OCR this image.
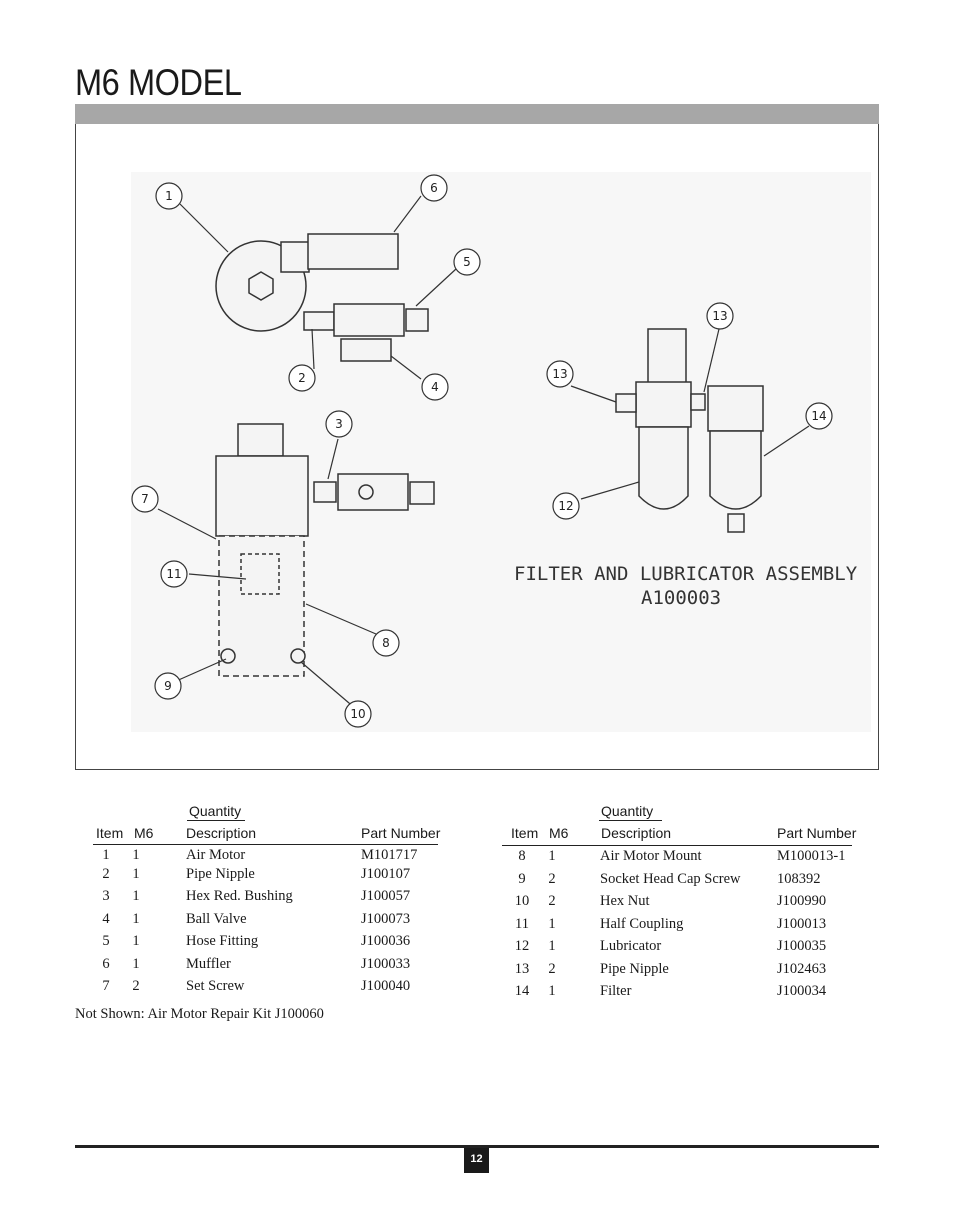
M6 MODEL
1
6
5
2
4
3
7
11
8
9
10
13
13
12
14
FILTER AND LUBRICATOR ASSEMBLY
A100003
Quantity
Item M6 Description	Part Number
1	1	Air Motor	M101717
2	1	Pipe Nipple	J100107
3	1	Hex Red. Bushing	J100057
4	1	Ball Valve	J100073
5	1	Hose Fitting	J100036
6	1	Muffler	J100033
7	2	Set Screw	J100040
Quantity
Item M6 Description	Part Number
8	1	Air Motor Mount	M100013-1
9	2	Socket Head Cap Screw	108392
10	2	Hex Nut	J100990
11	1	Half Coupling	J100013
12	1	Lubricator	J100035
13	2	Pipe Nipple	J102463
14	1	Filter	J100034
Not Shown: Air Motor Repair Kit J100060
12
